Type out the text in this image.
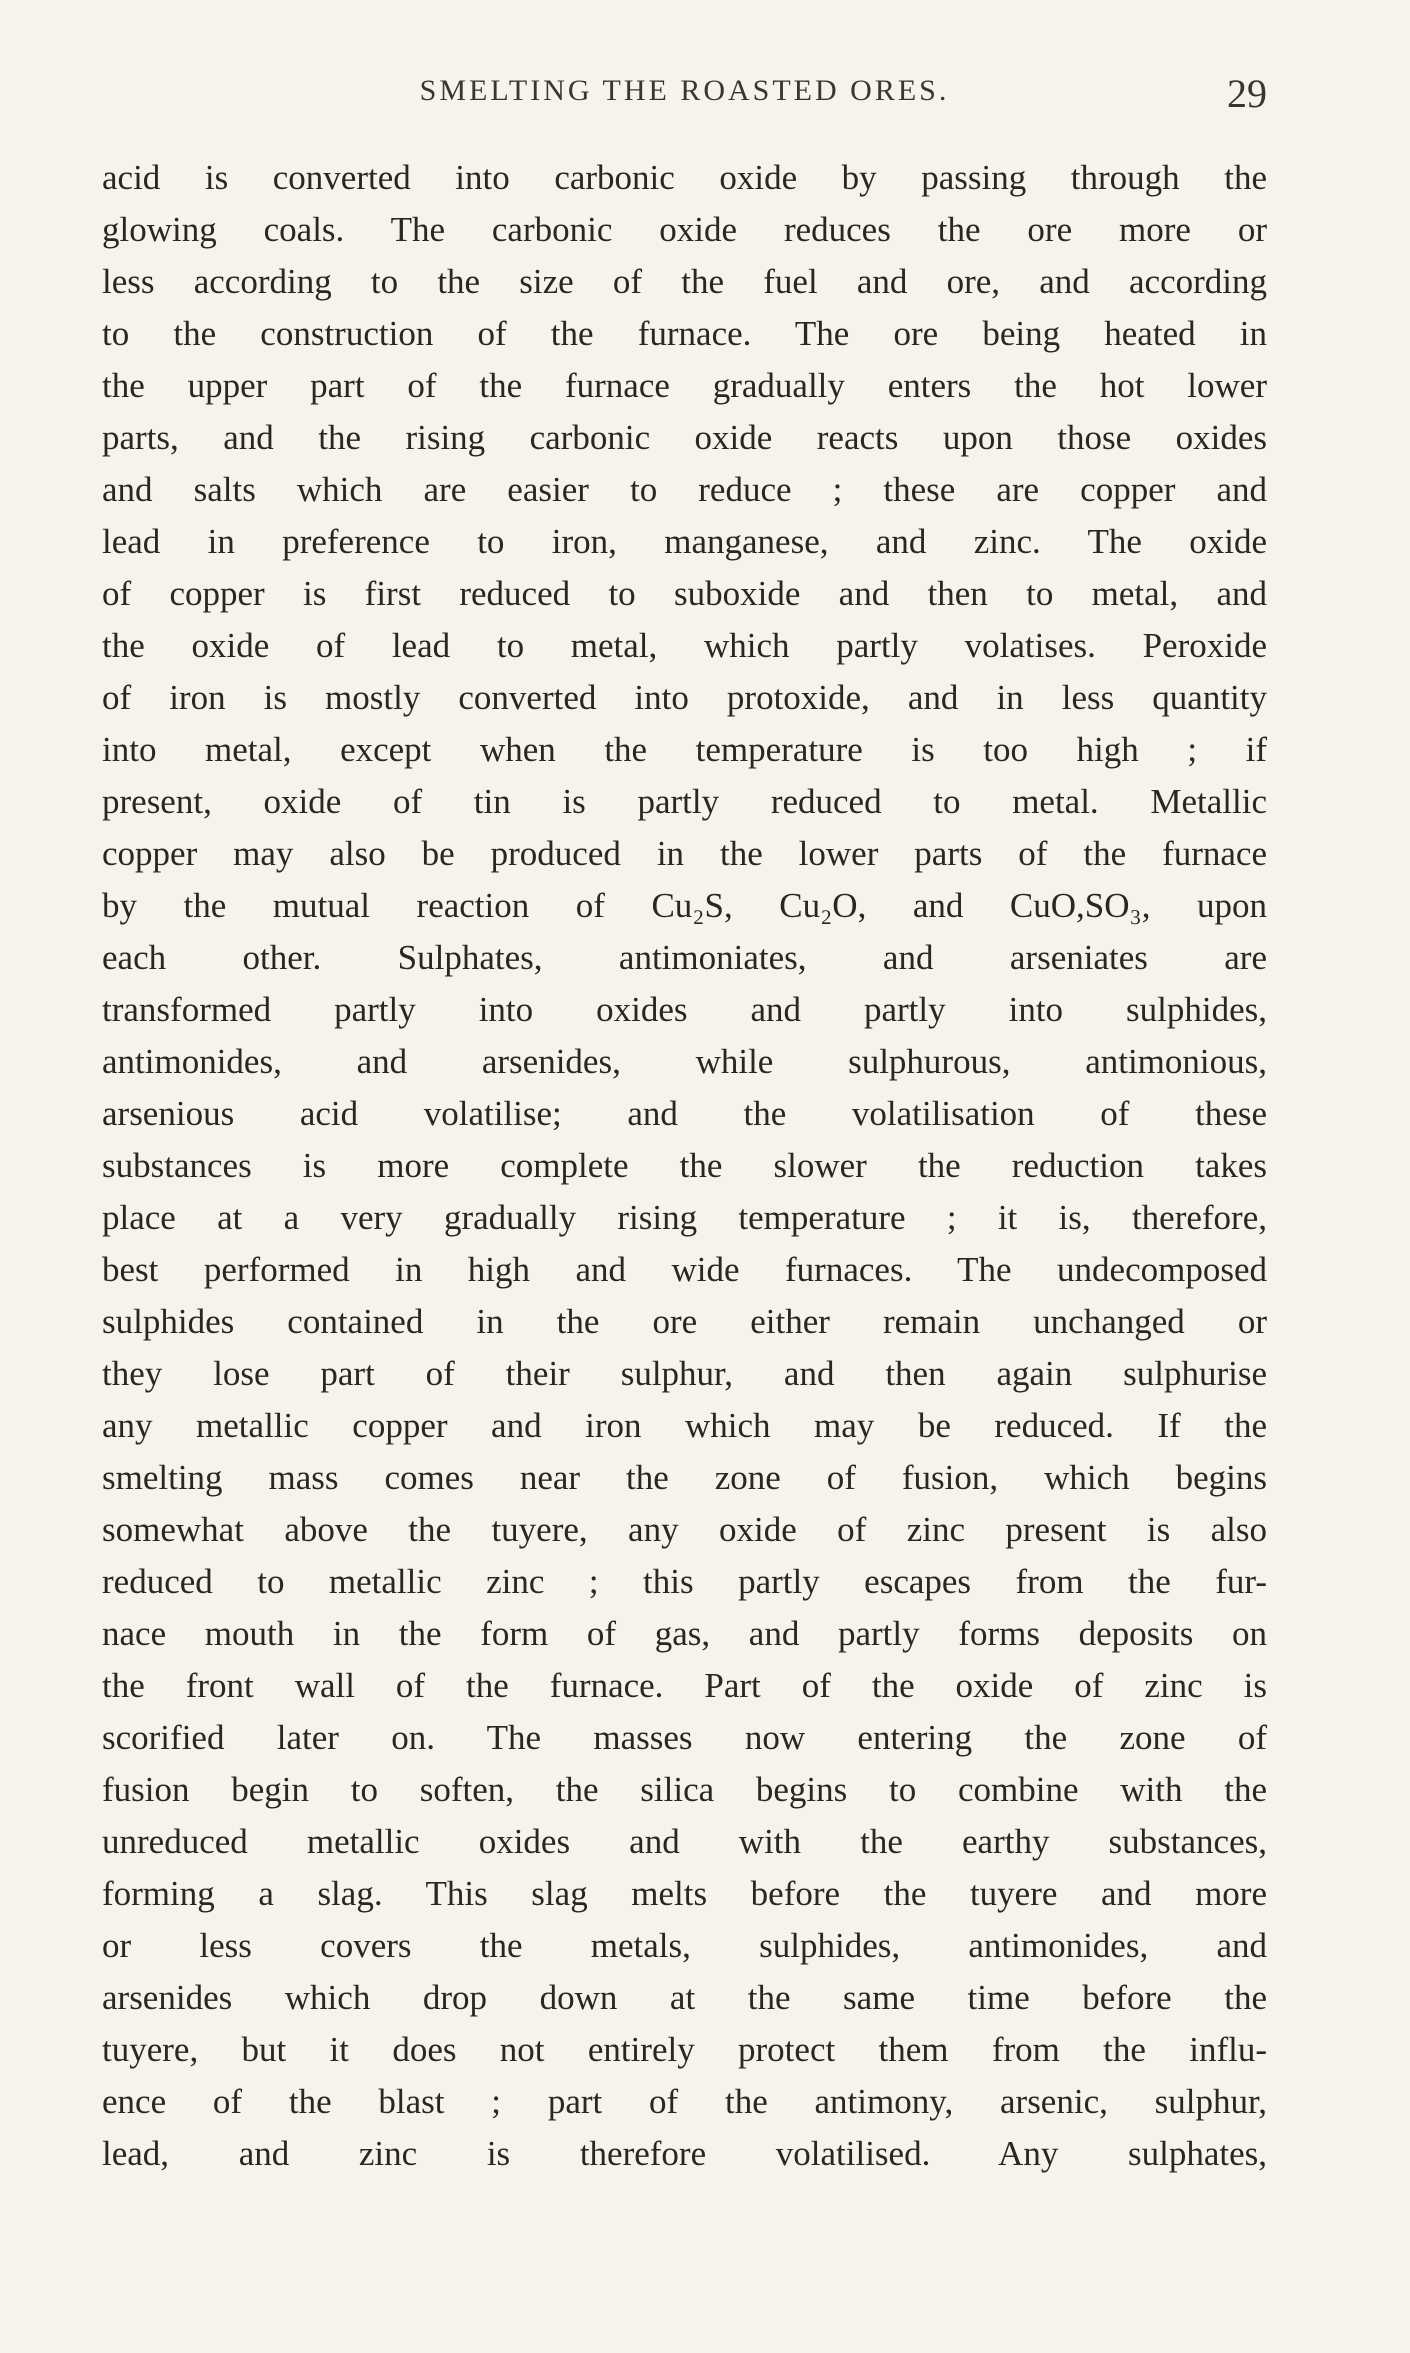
SMELTING THE ROASTED ORES.	29
acid is converted into carbonic oxide by passing through the
glowing coals. The carbonic oxide reduces the ore more or
less according to the size of the fuel and ore, and according
to the construction of the furnace. The ore being heated in
the upper part of the furnace gradually enters the hot lower
parts, and the rising carbonic oxide reacts upon those oxides
and salts which are easier to reduce ; these are copper and
lead in preference to iron, manganese, and zinc. The oxide
of copper is first reduced to suboxide and then to metal, and
the oxide of lead to metal, which partly volatises. Peroxide
of iron is mostly converted into protoxide, and in less quantity
into metal, except when the temperature is too high ; if
present, oxide of tin is partly reduced to metal. Metallic
copper may also be produced in the lower parts of the furnace
by the mutual reaction of Cu₂S, Cu₂O, and CuO,SO₃, upon
each other. Sulphates, antimoniates, and arseniates are
transformed partly into oxides and partly into sulphides,
antimonides, and arsenides, while sulphurous, antimonious,
arsenious acid volatilise; and the volatilisation of these
substances is more complete the slower the reduction takes
place at a very gradually rising temperature ; it is, therefore,
best performed in high and wide furnaces. The undecomposed
sulphides contained in the ore either remain unchanged or
they lose part of their sulphur, and then again sulphurise
any metallic copper and iron which may be reduced. If the
smelting mass comes near the zone of fusion, which begins
somewhat above the tuyere, any oxide of zinc present is also
reduced to metallic zinc ; this partly escapes from the fur-
nace mouth in the form of gas, and partly forms deposits on
the front wall of the furnace. Part of the oxide of zinc is
scorified later on. The masses now entering the zone of
fusion begin to soften, the silica begins to combine with the
unreduced metallic oxides and with the earthy substances,
forming a slag. This slag melts before the tuyere and more
or less covers the metals, sulphides, antimonides, and
arsenides which drop down at the same time before the
tuyere, but it does not entirely protect them from the influ-
ence of the blast ; part of the antimony, arsenic, sulphur,
lead, and zinc is therefore volatilised. Any sulphates,
